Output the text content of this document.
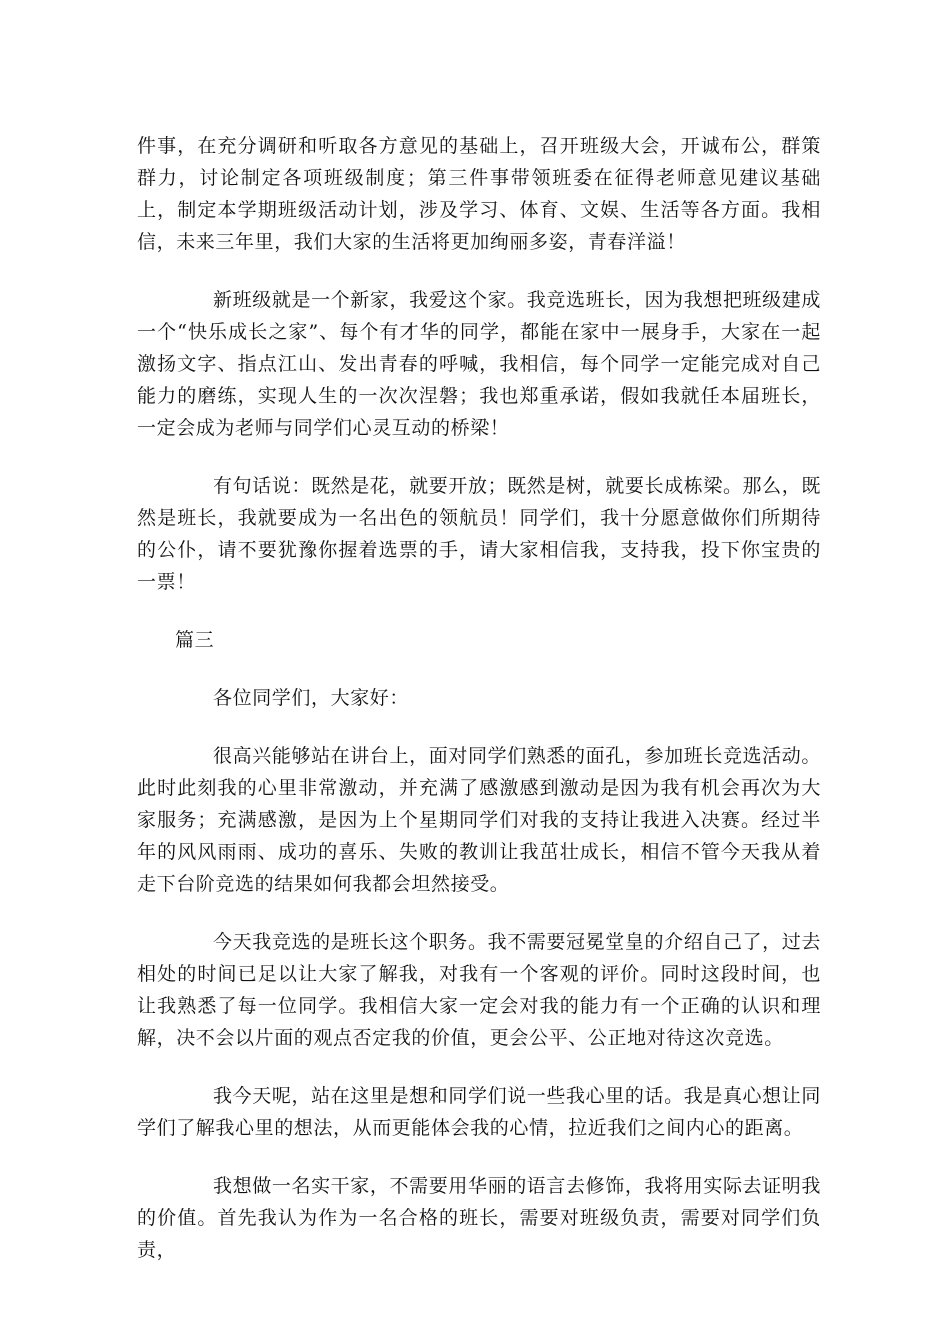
件事，在充分调研和听取各方意见的基础上，召开班级大会，开诚布公，群策群力，讨论制定各项班级制度；第三件事带领班委在征得老师意见建议基础上，制定本学期班级活动计划，涉及学习、体育、文娱、生活等各方面。我相信，未来三年里，我们大家的生活将更加绚丽多姿，青春洋溢！

新班级就是一个新家，我爱这个家。我竞选班长，因为我想把班级建成一个“快乐成长之家”、每个有才华的同学，都能在家中一展身手，大家在一起激扬文字、指点江山、发出青春的呼喊，我相信，每个同学一定能完成对自己能力的磨练，实现人生的一次次涅磐；我也郑重承诺，假如我就任本届班长，一定会成为老师与同学们心灵互动的桥梁！

有句话说：既然是花，就要开放；既然是树，就要长成栋梁。那么，既然是班长，我就要成为一名出色的领航员！同学们，我十分愿意做你们所期待的公仆，请不要犹豫你握着选票的手，请大家相信我，支持我，投下你宝贵的一票！

篇三

各位同学们，大家好：

很高兴能够站在讲台上，面对同学们熟悉的面孔，参加班长竞选活动。此时此刻我的心里非常激动，并充满了感激感到激动是因为我有机会再次为大家服务；充满感激，是因为上个星期同学们对我的支持让我进入决赛。经过半年的风风雨雨、成功的喜乐、失败的教训让我茁壮成长，相信不管今天我从着走下台阶竞选的结果如何我都会坦然接受。

今天我竞选的是班长这个职务。我不需要冠冕堂皇的介绍自己了，过去相处的时间已足以让大家了解我，对我有一个客观的评价。同时这段时间，也让我熟悉了每一位同学。我相信大家一定会对我的能力有一个正确的认识和理解，决不会以片面的观点否定我的价值，更会公平、公正地对待这次竞选。

我今天呢，站在这里是想和同学们说一些我心里的话。我是真心想让同学们了解我心里的想法，从而更能体会我的心情，拉近我们之间内心的距离。

我想做一名实干家，不需要用华丽的语言去修饰，我将用实际去证明我的价值。首先我认为作为一名合格的班长，需要对班级负责，需要对同学们负责，
